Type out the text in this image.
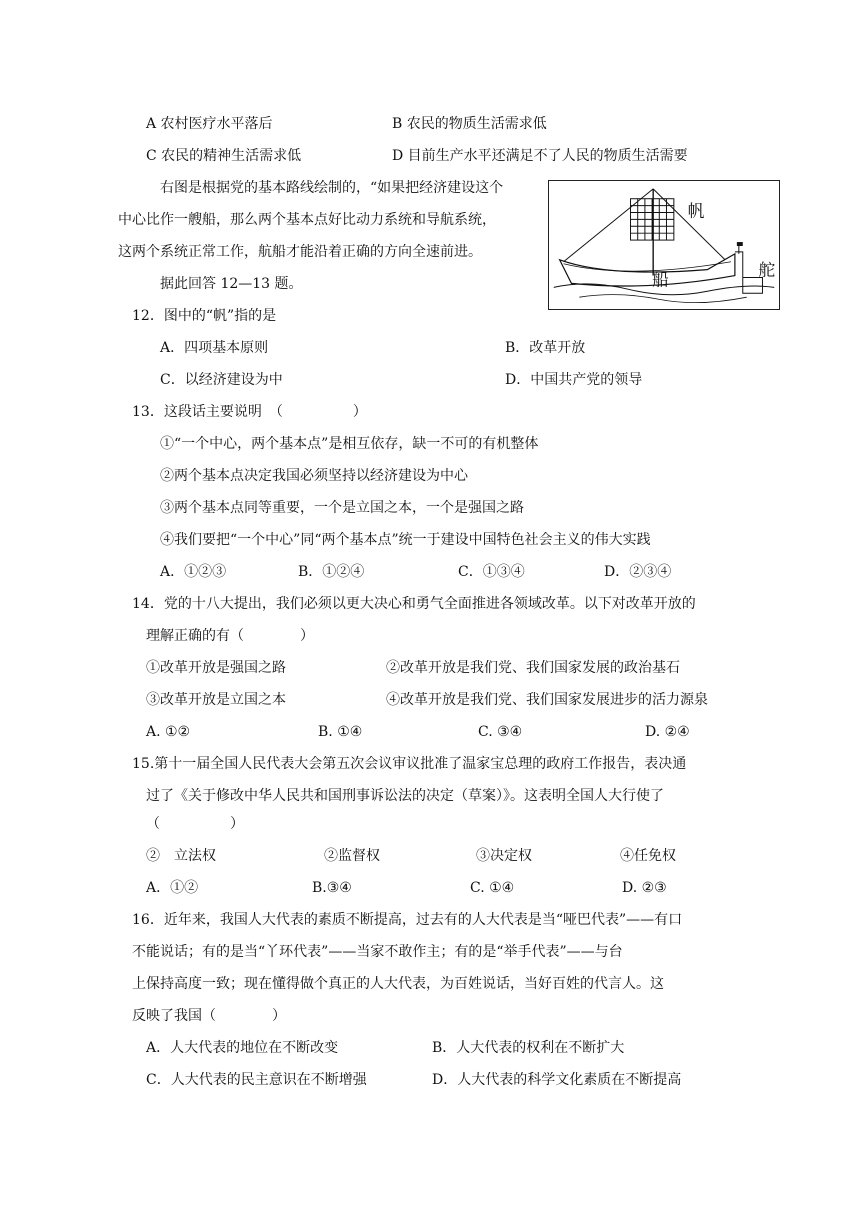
A 农村医疗水平落后	B 农民的物质生活需求低
C 农民的精神生活需求低	D 目前生产水平还满足不了人民的物质生活需要
右图是根据党的基本路线绘制的，“如果把经济建设这个
中心比作一艘船，那么两个基本点好比动力系统和导航系统，
这两个系统正常工作，航船才能沿着正确的方向全速前进。
据此回答 12—13 题。
帆
舵
船
12．图中的“帆”指的是
A．四项基本原则	B．改革开放
C．以经济建设为中	D．中国共产党的领导
13．这段话主要说明　（　　　　　）
①“一个中心，两个基本点”是相互依存，缺一不可的有机整体
②两个基本点决定我国必须坚持以经济建设为中心
③两个基本点同等重要，一个是立国之本，一个是强国之路
④我们要把“一个中心”同“两个基本点”统一于建设中国特色社会主义的伟大实践
A．①②③	B．①②④	C．①③④	D．②③④
14．党的十八大提出，我们必须以更大决心和勇气全面推进各领域改革。以下对改革开放的
理解正确的有（　　　　）
①改革开放是强国之路	②改革开放是我们党、我们国家发展的政治基石
③改革开放是立国之本	④改革开放是我们党、我们国家发展进步的活力源泉
A. ①②	B. ①④	C. ③④	D. ②④
15.第十一届全国人民代表大会第五次会议审议批准了温家宝总理的政府工作报告，表决通
过了《关于修改中华人民共和国刑事诉讼法的决定（草案）》。这表明全国人大行使了
（　　　　　）
②　立法权	②监督权	③决定权	④任免权
A．①②	B.③④	C. ①④	D. ②③
16．近年来，我国人大代表的素质不断提高，过去有的人大代表是当“哑巴代表”——有口
不能说话；有的是当“丫环代表”——当家不敢作主；有的是“举手代表”——与台
上保持高度一致；现在懂得做个真正的人大代表，为百姓说话，当好百姓的代言人。这
反映了我国（　　　　）
A．人大代表的地位在不断改变	B．人大代表的权利在不断扩大
C．人大代表的民主意识在不断增强	D．人大代表的科学文化素质在不断提高
